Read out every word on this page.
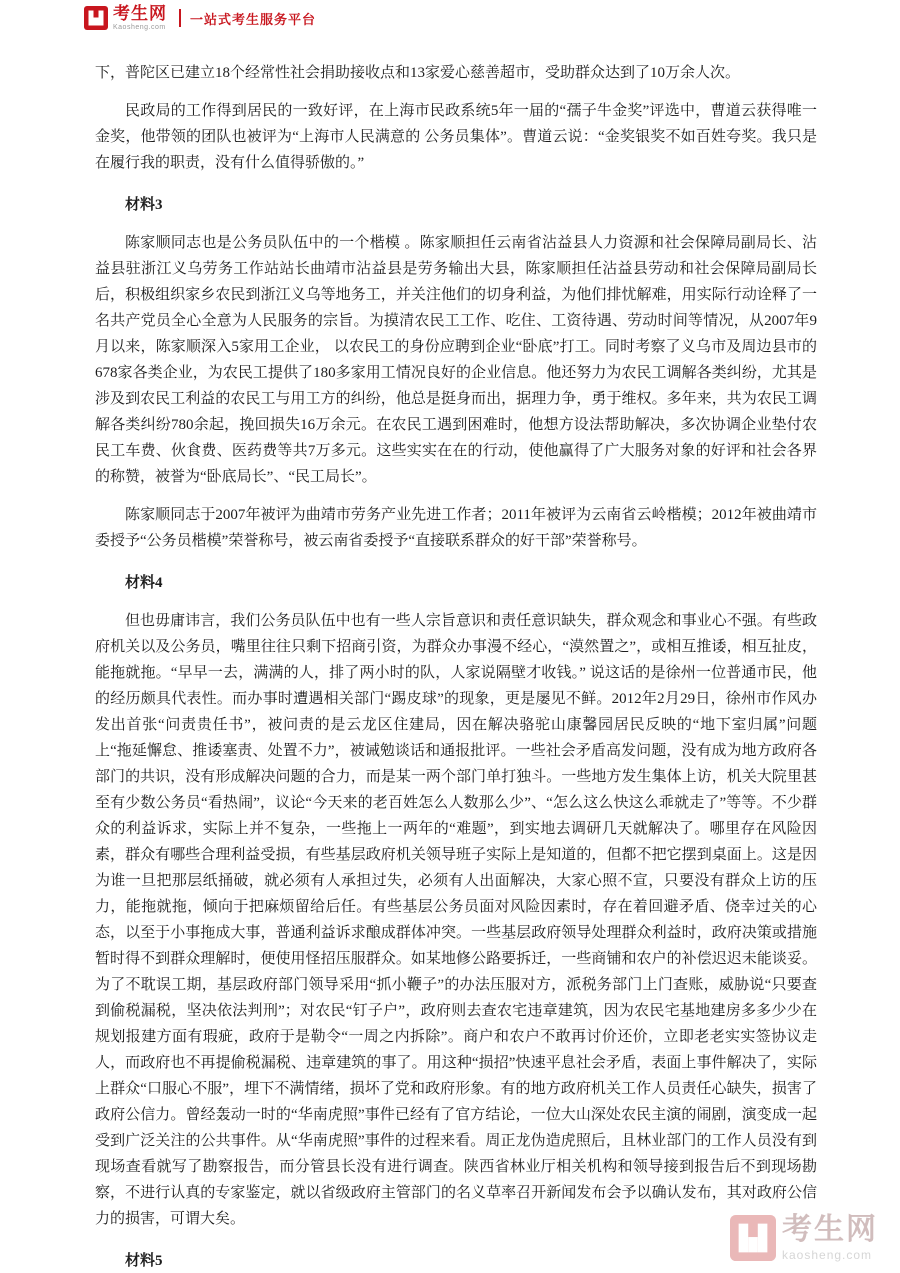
考生网
Kaosheng.com
一站式考生服务平台

下，普陀区已建立18个经常性社会捐助接收点和13家爱心慈善超市，受助群众达到了10万余人次。

民政局的工作得到居民的一致好评，在上海市民政系统5年一届的“孺子牛金奖”评选中，曹道云获得唯一金奖，他带领的团队也被评为“上海市人民满意的 公务员集体”。曹道云说：“金奖银奖不如百姓夸奖。我只是在履行我的职责，没有什么值得骄傲的。”

材料3

陈家顺同志也是公务员队伍中的一个楷模 。陈家顺担任云南省沾益县人力资源和社会保障局副局长、沾益县驻浙江义乌劳务工作站站长曲靖市沾益县是劳务输出大县，陈家顺担任沾益县劳动和社会保障局副局长后，积极组织家乡农民到浙江义乌等地务工，并关注他们的切身利益，为他们排忧解难，用实际行动诠释了一名共产党员全心全意为人民服务的宗旨。为摸清农民工工作、吃住、工资待遇、劳动时间等情况，从2007年9月以来，陈家顺深入5家用工企业， 以农民工的身份应聘到企业“卧底”打工。同时考察了义乌市及周边县市的678家各类企业，为农民工提供了180多家用工情况良好的企业信息。他还努力为农民工调解各类纠纷，尤其是涉及到农民工利益的农民工与用工方的纠纷，他总是挺身而出，据理力争，勇于维权。多年来，共为农民工调解各类纠纷780余起，挽回损失16万余元。在农民工遇到困难时，他想方设法帮助解决，多次协调企业垫付农民工车费、伙食费、医药费等共7万多元。这些实实在在的行动，使他赢得了广大服务对象的好评和社会各界的称赞，被誉为“卧底局长”、“民工局长”。

陈家顺同志于2007年被评为曲靖市劳务产业先进工作者；2011年被评为云南省云岭楷模；2012年被曲靖市委授予“公务员楷模”荣誉称号，被云南省委授予“直接联系群众的好干部”荣誉称号。

材料4

但也毋庸讳言，我们公务员队伍中也有一些人宗旨意识和责任意识缺失，群众观念和事业心不强。有些政府机关以及公务员，嘴里往往只剩下招商引资，为群众办事漫不经心，“漠然置之”，或相互推诿，相互扯皮，能拖就拖。“早早一去，满满的人，排了两小时的队，人家说隔壁才收钱。” 说这话的是徐州一位普通市民，他的经历颇具代表性。而办事时遭遇相关部门“踢皮球”的现象，更是屡见不鲜。2012年2月29日，徐州市作风办发出首张“问责贵任书”，被问责的是云龙区住建局，因在解决骆驼山康馨园居民反映的“地下室归属”问题上“拖延懈怠、推诿塞责、处置不力”，被诫勉谈话和通报批评。一些社会矛盾高发问题，没有成为地方政府各部门的共识，没有形成解决问题的合力，而是某一两个部门单打独斗。一些地方发生集体上访，机关大院里甚至有少数公务员“看热闹”，议论“今天来的老百姓怎么人数那么少”、“怎么这么快这么乖就走了”等等。不少群众的利益诉求，实际上并不复杂，一些拖上一两年的“难题”，到实地去调研几天就解决了。哪里存在风险因素，群众有哪些合理利益受损，有些基层政府机关领导班子实际上是知道的，但都不把它摆到桌面上。这是因为谁一旦把那层纸捅破，就必须有人承担过失，必须有人出面解决，大家心照不宣，只要没有群众上访的压力，能拖就拖，倾向于把麻烦留给后任。有些基层公务员面对风险因素时，存在着回避矛盾、侥幸过关的心态，以至于小事拖成大事，普通利益诉求酿成群体冲突。一些基层政府领导处理群众利益时，政府决策或措施暂时得不到群众理解时，便使用怪招压服群众。如某地修公路要拆迁，一些商铺和农户的补偿迟迟未能谈妥。为了不耽误工期，基层政府部门领导采用“抓小鞭子”的办法压服对方，派税务部门上门查账，威胁说“只要查到偷税漏税，坚决依法判刑”；对农民“钉子户”，政府则去查农宅违章建筑，因为农民宅基地建房多多少少在规划报建方面有瑕疵，政府于是勒令“一周之内拆除”。商户和农户不敢再讨价还价，立即老老实实签协议走人，而政府也不再提偷税漏税、违章建筑的事了。用这种“损招”快速平息社会矛盾，表面上事件解决了，实际上群众“口服心不服”，埋下不满情绪，损坏了党和政府形象。有的地方政府机关工作人员责任心缺失，损害了政府公信力。曾经轰动一时的“华南虎照”事件已经有了官方结论，一位大山深处农民主演的闹剧，演变成一起受到广泛关注的公共事件。从“华南虎照”事件的过程来看。周正龙伪造虎照后，且林业部门的工作人员没有到现场查看就写了勘察报告，而分管县长没有进行调查。陕西省林业厅相关机构和领导接到报告后不到现场勘察，不进行认真的专家鉴定，就以省级政府主管部门的名义草率召开新闻发布会予以确认发布，其对政府公信力的损害，可谓大矣。

材料5

考生网
kaosheng.com
